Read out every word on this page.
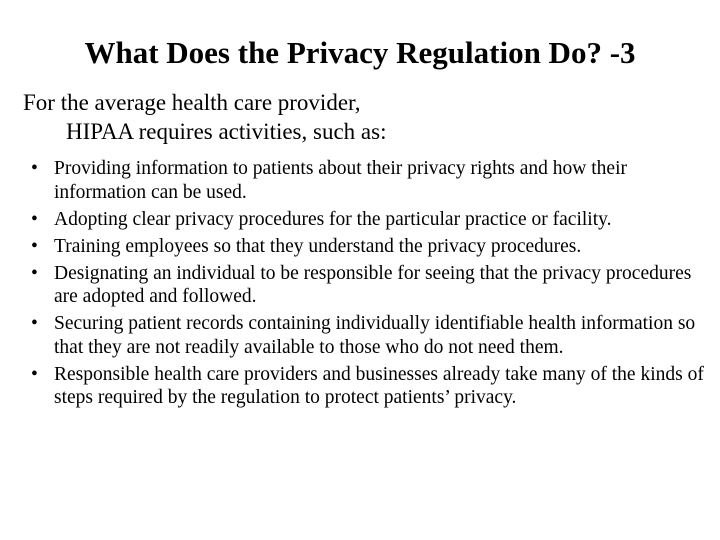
What Does the Privacy Regulation Do? -3

For the average health care provider,
HIPAA requires activities, such as:

• Providing information to patients about their privacy rights and how their information can be used.
• Adopting clear privacy procedures for the particular practice or facility.
• Training employees so that they understand the privacy procedures.
• Designating an individual to be responsible for seeing that the privacy procedures are adopted and followed.
• Securing patient records containing individually identifiable health information so that they are not readily available to those who do not need them.
• Responsible health care providers and businesses already take many of the kinds of steps required by the regulation to protect patients’ privacy.
